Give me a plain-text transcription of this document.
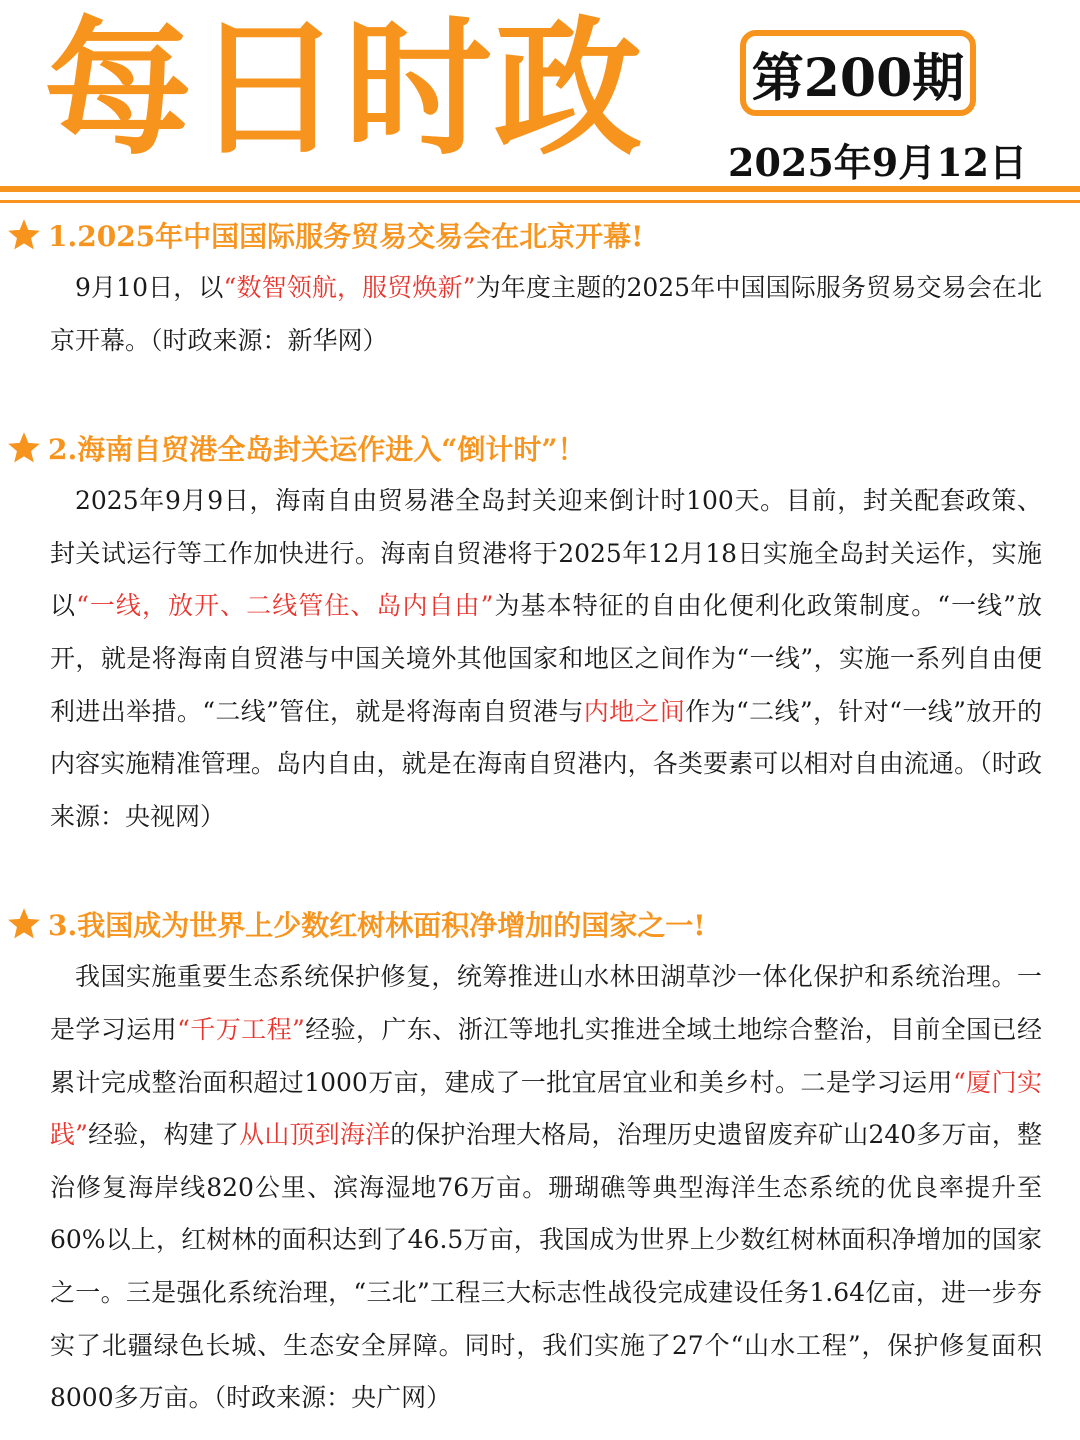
每日时政 第200期
2025年9月12日
1.2025年中国国际服务贸易交易会在北京开幕!

9月10日，以“数智领航，服贸焕新”为年度主题的2025年中国国际服务贸易交易会在北京开幕。（时政来源：新华网）

2.海南自贸港全岛封关运作进入“倒计时”！

2025年9月9日，海南自由贸易港全岛封关迎来倒计时100天。目前，封关配套政策、封关试运行等工作加快进行。海南自贸港将于2025年12月18日实施全岛封关运作，实施以“一线，放开、二线管住、岛内自由”为基本特征的自由化便利化政策制度。“一线”放开，就是将海南自贸港与中国关境外其他国家和地区之间作为“一线”，实施一系列自由便利进出举措。“二线”管住，就是将海南自贸港与内地之间作为“二线”，针对“一线”放开的内容实施精准管理。岛内自由，就是在海南自贸港内，各类要素可以相对自由流通。（时政来源：央视网）

3.我国成为世界上少数红树林面积净增加的国家之一!

我国实施重要生态系统保护修复，统筹推进山水林田湖草沙一体化保护和系统治理。一是学习运用“千万工程”经验，广东、浙江等地扎实推进全域土地综合整治，目前全国已经累计完成整治面积超过1000万亩，建成了一批宜居宜业和美乡村。二是学习运用“厦门实践”经验，构建了从山顶到海洋的保护治理大格局，治理历史遗留废弃矿山240多万亩，整治修复海岸线820公里、滨海湿地76万亩。珊瑚礁等典型海洋生态系统的优良率提升至60%以上，红树林的面积达到了46.5万亩，我国成为世界上少数红树林面积净增加的国家之一。三是强化系统治理，“三北”工程三大标志性战役完成建设任务1.64亿亩，进一步夯实了北疆绿色长城、生态安全屏障。同时，我们实施了27个“山水工程”，保护修复面积8000多万亩。（时政来源：央广网）
